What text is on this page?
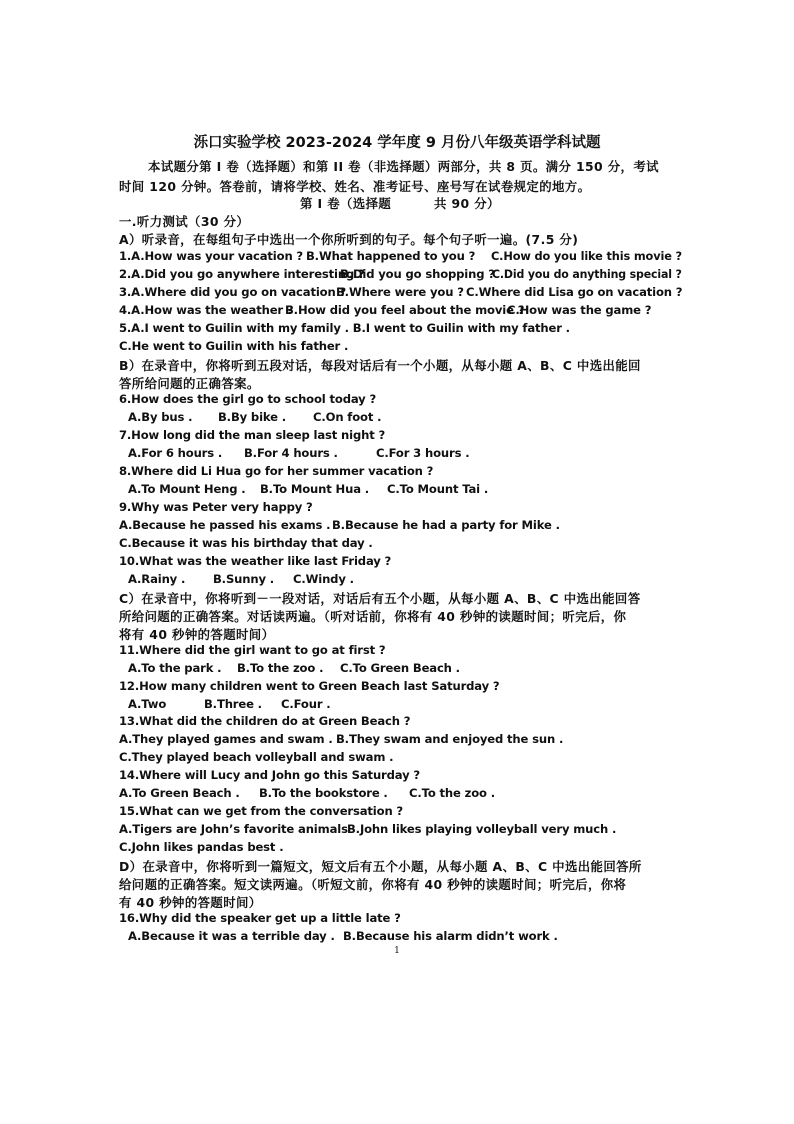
泺口实验学校 2023-2024 学年度 9 月份八年级英语学科试题
本试题分第 I 卷（选择题）和第 II 卷（非选择题）两部分，共 8 页。满分 150 分，考试
时间 120 分钟。答卷前，请将学校、姓名、准考证号、座号写在试卷规定的地方。
第 I 卷（选择题	共 90 分）
一.听力测试（30 分）
A）听录音，在每组句子中选出一个你所听到的句子。每个句子听一遍。(7.5 分)
1.A.How was your vacation ? B.What happened to you ? C.How do you like this movie ?
2.A.Did you go anywhere interesting ?
B.Did you go shopping ?
C.Did you do anything special ?
3.A.Where did you go on vacation ?
B.Where were you ? C.Where did Lisa go on vacation ?
4.A.How was the weather ?
B.How did you feel about the movie ?
C.How was the game ?
5.A.I went to Guilin with my family . B.I went to Guilin with my father .
C.He went to Guilin with his father .
B）在录音中，你将听到五段对话，每段对话后有一个小题，从每小题 A、B、C 中选出能回
答所给问题的正确答案。
6.How does the girl go to school today ?
A.By bus . B.By bike . C.On foot .
7.How long did the man sleep last night ?
A.For 6 hours . B.For 4 hours .	C.For 3 hours .
8.Where did Li Hua go for her summer vacation ?
A.To Mount Heng . B.To Mount Hua . C.To Mount Tai .
9.Why was Peter very happy ?
A.Because he passed his exams . B.Because he had a party for Mike .
C.Because it was his birthday that day .
10.What was the weather like last Friday ?
A.Rainy . B.Sunny . C.Windy .
C）在录音中，你将听到－一段对话，对话后有五个小题，从每小题 A、B、C 中选出能回答
所给问题的正确答案。对话读两遍。（听对话前，你将有 40 秒钟的读题时间；听完后，你
将有 40 秒钟的答题时间）
11.Where did the girl want to go at first ?
A.To the park . B.To the zoo . C.To Green Beach .
12.How many children went to Green Beach last Saturday ?
A.Two	B.Three . C.Four .
13.What did the children do at Green Beach ?
A.They played games and swam . B.They swam and enjoyed the sun .
C.They played beach volleyball and swam .
14.Where will Lucy and John go this Saturday ?
A.To Green Beach . B.To the bookstore . C.To the zoo .
15.What can we get from the conversation ?
A.Tigers are John’s favorite animals B.John likes playing volleyball very much .
C.John likes pandas best .
D）在录音中，你将听到一篇短文，短文后有五个小题，从每小题 A、B、C 中选出能回答所
给问题的正确答案。短文读两遍。（听短文前，你将有 40 秒钟的读题时间；听完后，你将
有 40 秒钟的答题时间）
16.Why did the speaker get up a little late ?
A.Because it was a terrible day . B.Because his alarm didn’t work .
1
